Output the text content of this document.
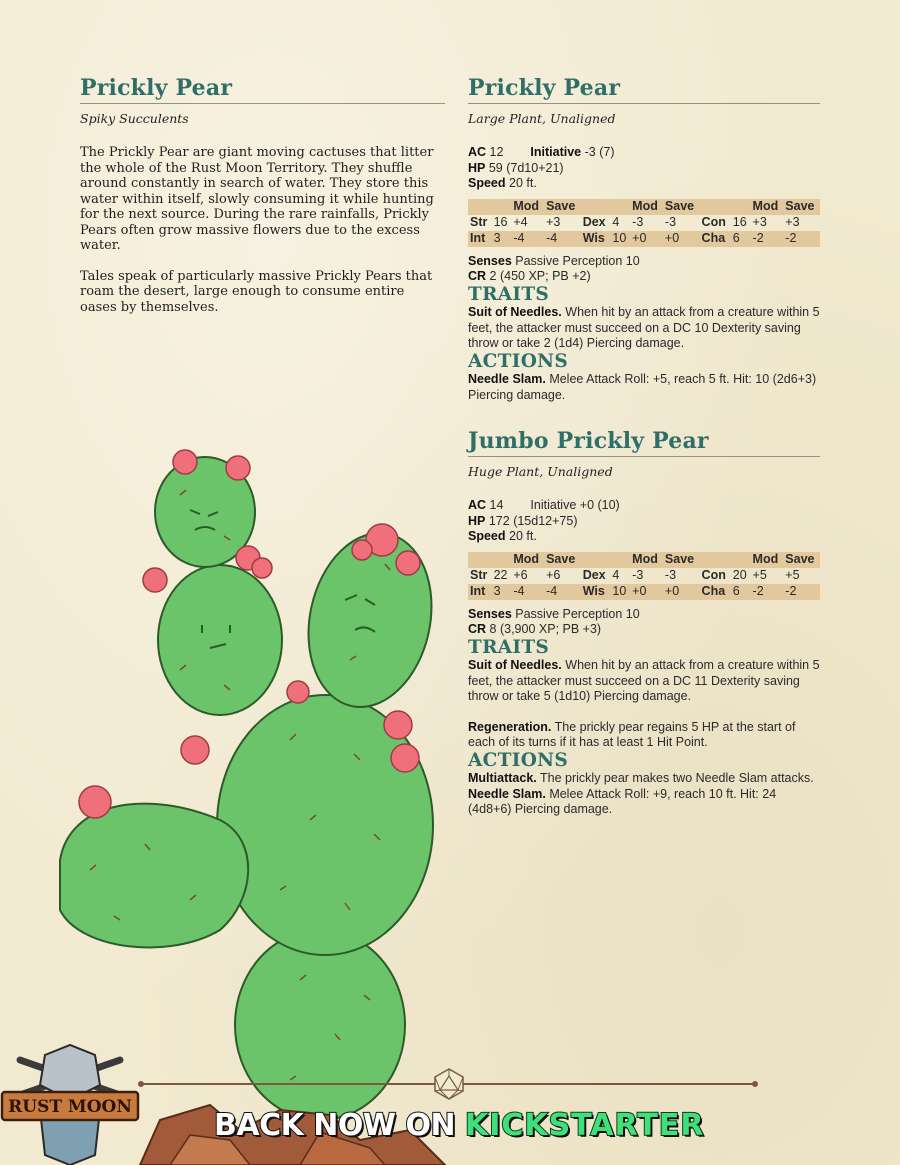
Prickly Pear

Spiky Succulents

The Prickly Pear are giant moving cactuses that litter the whole of the Rust Moon Territory. They shuffle around constantly in search of water. They store this water within itself, slowly consuming it while hunting for the next source. During the rare rainfalls, Prickly Pears often grow massive flowers due to the excess water.

Tales speak of particularly massive Prickly Pears that roam the desert, large enough to consume entire oases by themselves.

Prickly Pear

Large Plant, Unaligned

AC 12 Initiative -3 (7)
HP 59 (7d10+21)
Speed 20 ft.
		Mod	Save			Mod	Save			Mod	Save
Str	16	+4	+3	Dex	4	-3	-3	Con	16	+3	+3
Int	3	-4	-4	Wis	10	+0	+0	Cha	6	-2	-2
Senses Passive Perception 10
CR 2 (450 XP; PB +2)
TRAITS
Suit of Needles. When hit by an attack from a creature within 5 feet, the attacker must succeed on a DC 10 Dexterity saving throw or take 2 (1d4) Piercing damage.
ACTIONS
Needle Slam. Melee Attack Roll: +5, reach 5 ft. Hit: 10 (2d6+3) Piercing damage.
Jumbo Prickly Pear

Huge Plant, Unaligned

AC 14 Initiative +0 (10)
HP 172 (15d12+75)
Speed 20 ft.
		Mod	Save			Mod	Save			Mod	Save
Str	22	+6	+6	Dex	4	-3	-3	Con	20	+5	+5
Int	3	-4	-4	Wis	10	+0	+0	Cha	6	-2	-2
Senses Passive Perception 10
CR 8 (3,900 XP; PB +3)
TRAITS
Suit of Needles. When hit by an attack from a creature within 5 feet, the attacker must succeed on a DC 11 Dexterity saving throw or take 5 (1d10) Piercing damage.
Regeneration. The prickly pear regains 5 HP at the start of each of its turns if it has at least 1 Hit Point.
ACTIONS
Multiattack. The prickly pear makes two Needle Slam attacks.
Needle Slam. Melee Attack Roll: +9, reach 10 ft. Hit: 24 (4d8+6) Piercing damage.
BACK NOW ON KICKSTARTER
RUST MOON
